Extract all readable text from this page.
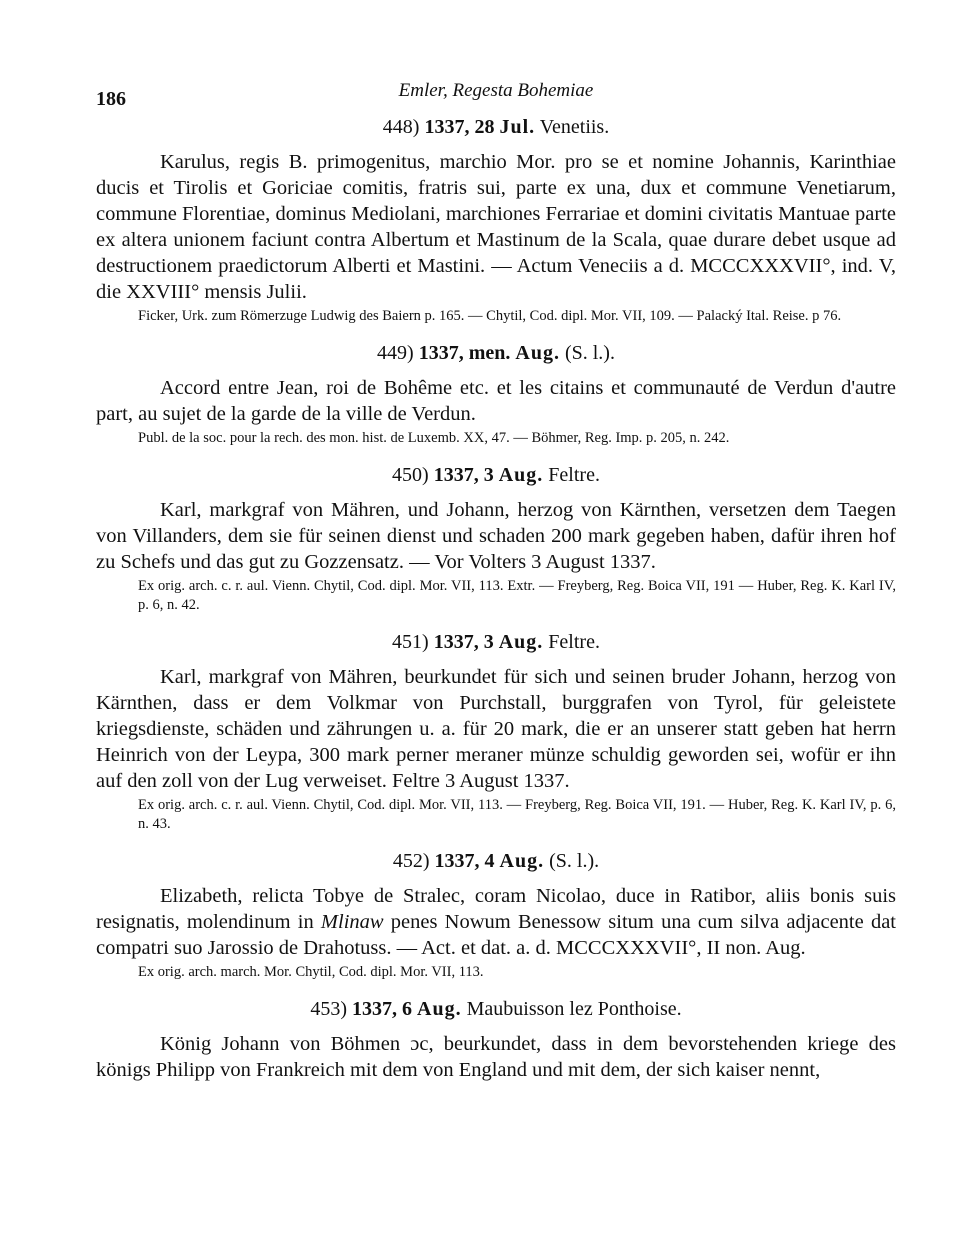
186	Emler, Regesta Bohemiae

448) 1337, 28 Jul. Venetiis.

Karulus, regis B. primogenitus, marchio Mor. pro se et nomine Johannis, Karinthiae ducis et Tirolis et Goriciae comitis, fratris sui, parte ex una, dux et commune Venetiarum, commune Florentiae, dominus Mediolani, marchiones Ferrariae et domini civitatis Mantuae parte ex altera unionem faciunt contra Albertum et Mastinum de la Scala, quae durare debet usque ad destructionem praedictorum Alberti et Mastini. — Actum Veneciis a d. MCCCXXXVII°, ind. V, die XXVIII° mensis Julii.

Ficker, Urk. zum Römerzuge Ludwig des Baiern p. 165. — Chytil, Cod. dipl. Mor. VII, 109. — Palacký Ital. Reise. p 76.

449) 1337, men. Aug. (S. l.).

Accord entre Jean, roi de Bohême etc. et les citains et communauté de Verdun d'autre part, au sujet de la garde de la ville de Verdun.

Publ. de la soc. pour la rech. des mon. hist. de Luxemb. XX, 47. — Böhmer, Reg. Imp. p. 205, n. 242.

450) 1337, 3 Aug. Feltre.

Karl, markgraf von Mähren, und Johann, herzog von Kärnthen, versetzen dem Taegen von Villanders, dem sie für seinen dienst und schaden 200 mark gegeben haben, dafür ihren hof zu Schefs und das gut zu Gozzensatz. — Vor Volters 3 August 1337.

Ex orig. arch. c. r. aul. Vienn. Chytil, Cod. dipl. Mor. VII, 113. Extr. — Freyberg, Reg. Boica VII, 191 — Huber, Reg. K. Karl IV, p. 6, n. 42.

451) 1337, 3 Aug. Feltre.

Karl, markgraf von Mähren, beurkundet für sich und seinen bruder Johann, herzog von Kärnthen, dass er dem Volkmar von Purchstall, burggrafen von Tyrol, für geleistete kriegsdienste, schäden und zährungen u. a. für 20 mark, die er an unserer statt geben hat herrn Heinrich von der Leypa, 300 mark perner meraner münze schuldig geworden sei, wofür er ihn auf den zoll von der Lug verweiset. Feltre 3 August 1337.

Ex orig. arch. c. r. aul. Vienn. Chytil, Cod. dipl. Mor. VII, 113. — Freyberg, Reg. Boica VII, 191. — Huber, Reg. K. Karl IV, p. 6, n. 43.

452) 1337, 4 Aug. (S. l.).

Elizabeth, relicta Tobye de Stralec, coram Nicolao, duce in Ratibor, aliis bonis suis resignatis, molendinum in Mlinaw penes Nowum Benessow situm una cum silva adjacente dat compatri suo Jarossio de Drahotuss. — Act. et dat. a. d. MCCCXXXVII°, II non. Aug.

Ex orig. arch. march. Mor. Chytil, Cod. dipl. Mor. VII, 113.

453) 1337, 6 Aug. Maubuisson lez Ponthoise.

König Johann von Böhmen ɔc, beurkundet, dass in dem bevorstehenden kriege des königs Philipp von Frankreich mit dem von England und mit dem, der sich kaiser nennt,
